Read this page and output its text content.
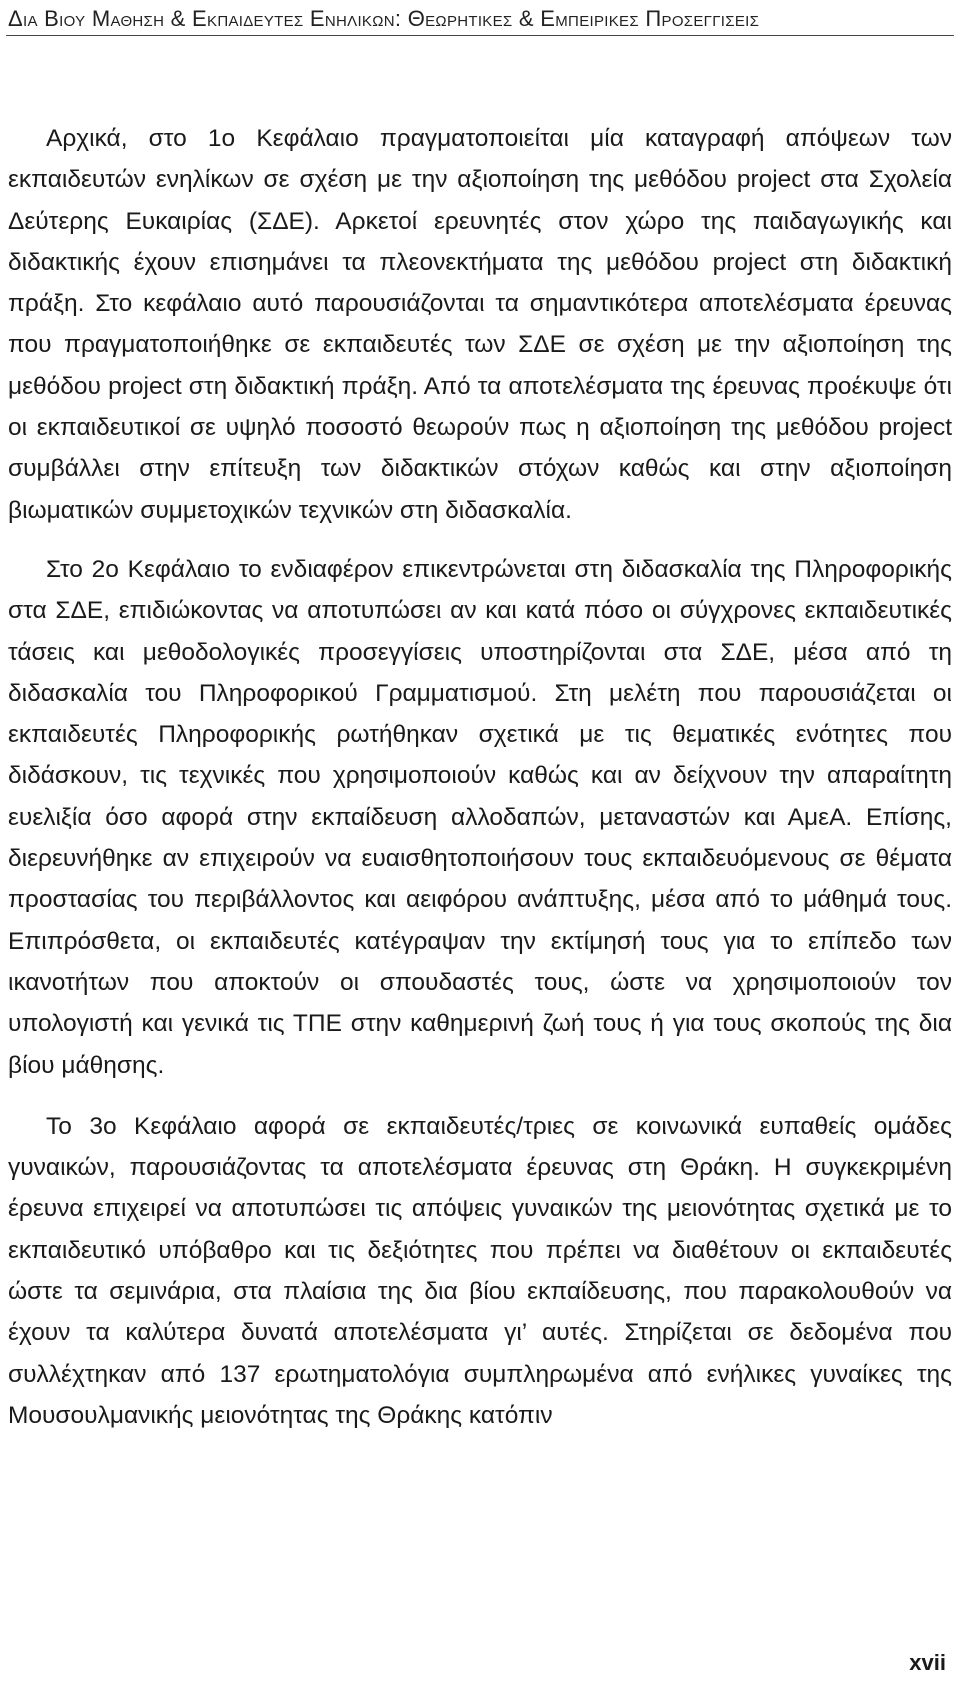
Δια Βιου Μαθηση & Εκπαιδευτες Ενηλικων: Θεωρητικες & Εμπειρικες Προσεγγισεις

Αρχικά, στο 1ο Κεφάλαιο πραγματοποιείται μία καταγραφή απόψεων των εκπαιδευτών ενηλίκων σε σχέση με την αξιοποίηση της μεθόδου project στα Σχολεία Δεύτερης Ευκαιρίας (ΣΔΕ). Αρκετοί ερευνητές στον χώρο της παιδαγωγικής και διδακτικής έχουν επισημάνει τα πλεονεκτήματα της μεθόδου project στη διδακτική πράξη. Στο κεφάλαιο αυτό παρουσιάζονται τα σημαντικότερα αποτελέσματα έρευνας που πραγματοποιήθηκε σε εκπαιδευτές των ΣΔΕ σε σχέση με την αξιοποίηση της μεθόδου project στη διδακτική πράξη. Από τα αποτελέσματα της έρευνας προέκυψε ότι οι εκπαιδευτικοί σε υψηλό ποσοστό θεωρούν πως η αξιοποίηση της μεθόδου project συμβάλλει στην επίτευξη των διδακτικών στόχων καθώς και στην αξιοποίηση βιωματικών συμμετοχικών τεχνικών στη διδασκαλία.

Στο 2ο Κεφάλαιο το ενδιαφέρον επικεντρώνεται στη διδασκαλία της Πληροφορικής στα ΣΔΕ, επιδιώκοντας να αποτυπώσει αν και κατά πόσο οι σύγχρονες εκπαιδευτικές τάσεις και μεθοδολογικές προσεγγίσεις υποστηρίζονται στα ΣΔΕ, μέσα από τη διδασκαλία του Πληροφορικού Γραμματισμού. Στη μελέτη που παρουσιάζεται οι εκπαιδευτές Πληροφορικής ρωτήθηκαν σχετικά με τις θεματικές ενότητες που διδάσκουν, τις τεχνικές που χρησιμοποιούν καθώς και αν δείχνουν την απαραίτητη ευελιξία όσο αφορά στην εκπαίδευση αλλοδαπών, μεταναστών και ΑμεΑ. Επίσης, διερευνήθηκε αν επιχειρούν να ευαισθητοποιήσουν τους εκπαιδευόμενους σε θέματα προστασίας του περιβάλλοντος και αειφόρου ανάπτυξης, μέσα από το μάθημά τους. Επιπρόσθετα, οι εκπαιδευτές κατέγραψαν την εκτίμησή τους για το επίπεδο των ικανοτήτων που αποκτούν οι σπουδαστές τους, ώστε να χρησιμοποιούν τον υπολογιστή και γενικά τις ΤΠΕ στην καθημερινή ζωή τους ή για τους σκοπούς της δια βίου μάθησης.

Το 3ο Κεφάλαιο αφορά σε εκπαιδευτές/τριες σε κοινωνικά ευπαθείς ομάδες γυναικών, παρουσιάζοντας τα αποτελέσματα έρευνας στη Θράκη. Η συγκεκριμένη έρευνα επιχειρεί να αποτυπώσει τις απόψεις γυναικών της μειονότητας σχετικά με το εκπαιδευτικό υπόβαθρο και τις δεξιότητες που πρέπει να διαθέτουν οι εκπαιδευτές ώστε τα σεμινάρια, στα πλαίσια της δια βίου εκπαίδευσης, που παρακολουθούν να έχουν τα καλύτερα δυνατά αποτελέσματα γι’ αυτές. Στηρίζεται σε δεδομένα που συλλέχτηκαν από 137 ερωτηματολόγια συμπληρωμένα από ενήλικες γυναίκες της Μουσουλμανικής μειονότητας της Θράκης κατόπιν

xvii
